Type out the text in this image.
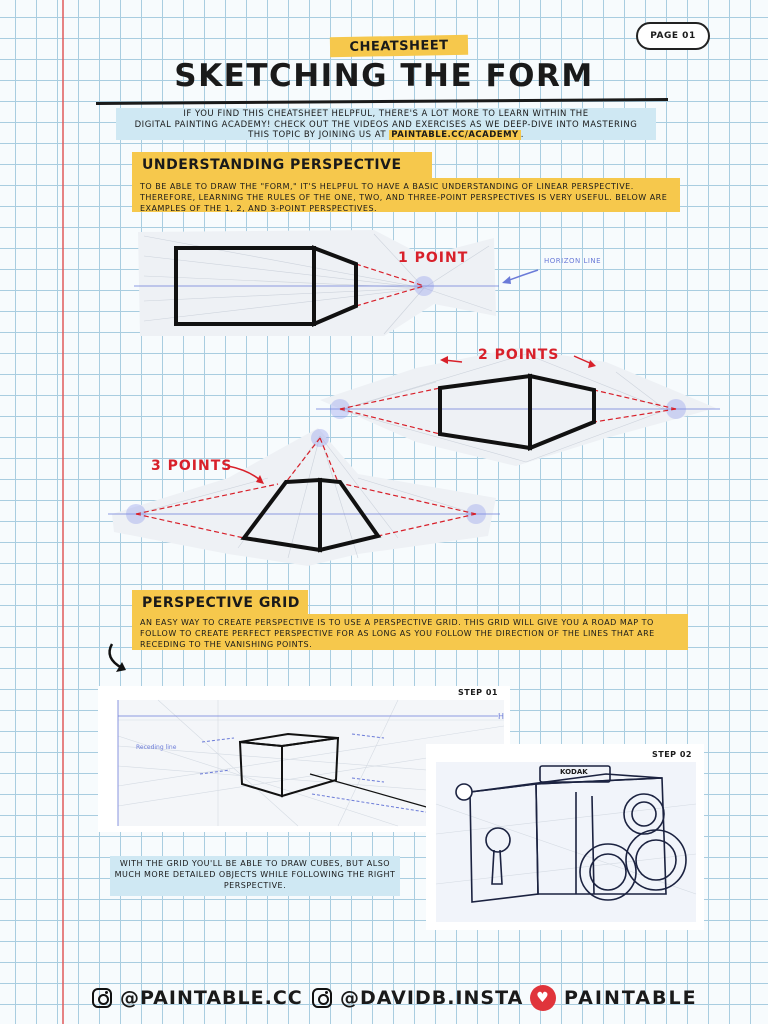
PAGE 01
CHEATSHEET
SKETCHING THE FORM
IF YOU FIND THIS CHEATSHEET HELPFUL, THERE'S A LOT MORE TO LEARN WITHIN THE
DIGITAL PAINTING ACADEMY! CHECK OUT THE VIDEOS AND EXERCISES AS WE DEEP-DIVE INTO MASTERING
THIS TOPIC BY JOINING US AT PAINTABLE.CC/ACADEMY .
UNDERSTANDING PERSPECTIVE
TO BE ABLE TO DRAW THE "FORM," IT'S HELPFUL TO HAVE A BASIC UNDERSTANDING OF LINEAR PERSPECTIVE. THEREFORE, LEARNING THE RULES OF THE ONE, TWO, AND THREE-POINT PERSPECTIVES IS VERY USEFUL. BELOW ARE EXAMPLES OF THE 1, 2, AND 3-POINT PERSPECTIVES.
1 POINT	HORIZON LINE
2 POINTS
3 POINTS
PERSPECTIVE GRID
AN EASY WAY TO CREATE PERSPECTIVE IS TO USE A PERSPECTIVE GRID. THIS GRID WILL GIVE YOU A ROAD MAP TO FOLLOW TO CREATE PERFECT PERSPECTIVE FOR AS LONG AS YOU FOLLOW THE DIRECTION OF THE LINES THAT ARE RECEDING TO THE VANISHING POINTS.
STEP 01
Receding line
H
STEP 02
KODAK
WITH THE GRID YOU'LL BE ABLE TO DRAW CUBES, BUT ALSO MUCH MORE DETAILED OBJECTS WHILE FOLLOWING THE RIGHT PERSPECTIVE.
@PAINTABLE.CC @DAVIDB.INSTA ♥ PAINTABLE
